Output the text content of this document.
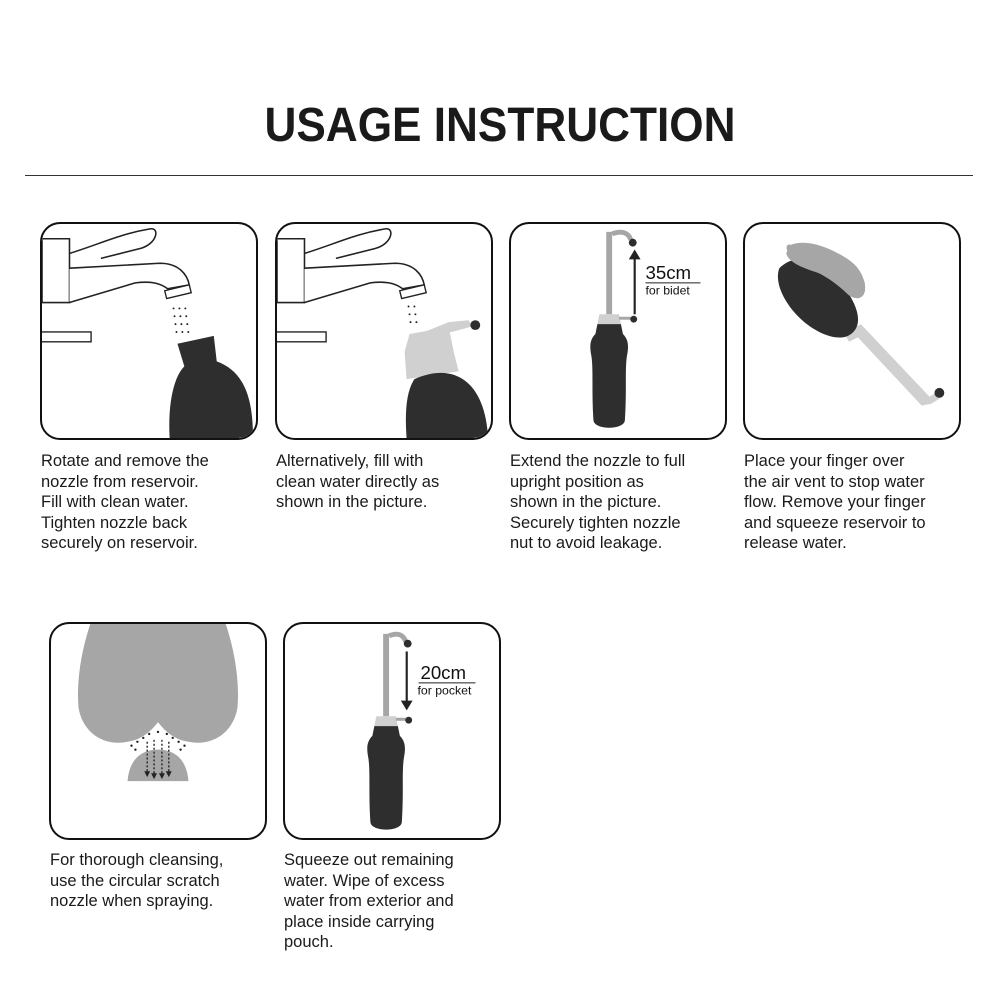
USAGE INSTRUCTION
Rotate and remove the
nozzle from reservoir.
Fill with clean water.
Tighten nozzle back
securely on reservoir.
Alternatively, fill with
clean water directly as
shown in the picture.
35cm
for bidet
Extend the nozzle to full
upright position as
shown in the picture.
Securely tighten nozzle
nut to avoid leakage.
Place your finger over
the air vent to stop water
flow. Remove your finger
and squeeze reservoir to
release water.
For thorough cleansing,
use the circular scratch
nozzle when spraying.
20cm
for pocket
Squeeze out remaining
water. Wipe of excess
water from exterior and
place inside carrying
pouch.
